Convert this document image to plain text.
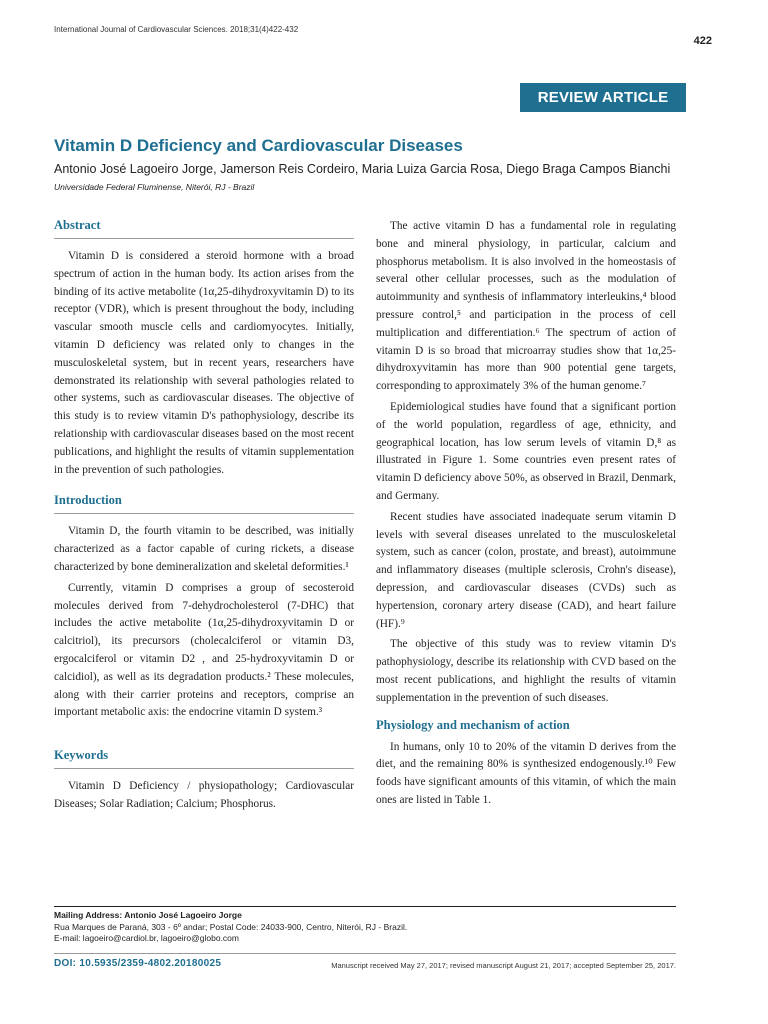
International Journal of Cardiovascular Sciences. 2018;31(4)422-432
422
REVIEW ARTICLE
Vitamin D Deficiency and Cardiovascular Diseases
Antonio José Lagoeiro Jorge, Jamerson Reis Cordeiro, Maria Luiza Garcia Rosa, Diego Braga Campos Bianchi
Universidade Federal Fluminense, Niterói, RJ - Brazil
Abstract

Vitamin D is considered a steroid hormone with a broad spectrum of action in the human body. Its action arises from the binding of its active metabolite (1α,25-dihydroxyvitamin D) to its receptor (VDR), which is present throughout the body, including vascular smooth muscle cells and cardiomyocytes. Initially, vitamin D deficiency was related only to changes in the musculoskeletal system, but in recent years, researchers have demonstrated its relationship with several pathologies related to other systems, such as cardiovascular diseases. The objective of this study is to review vitamin D's pathophysiology, describe its relationship with cardiovascular diseases based on the most recent publications, and highlight the results of vitamin supplementation in the prevention of such pathologies.

Introduction

Vitamin D, the fourth vitamin to be described, was initially characterized as a factor capable of curing rickets, a disease characterized by bone demineralization and skeletal deformities.¹

Currently, vitamin D comprises a group of secosteroid molecules derived from 7-dehydrocholesterol (7-DHC) that includes the active metabolite (1α,25-dihydroxyvitamin D or calcitriol), its precursors (cholecalciferol or vitamin D3, ergocalciferol or vitamin D2 , and 25-hydroxyvitamin D or calcidiol), as well as its degradation products.² These molecules, along with their carrier proteins and receptors, comprise an important metabolic axis: the endocrine vitamin D system.³

Keywords

Vitamin D Deficiency / physiopathology; Cardiovascular Diseases; Solar Radiation; Calcium; Phosphorus.

The active vitamin D has a fundamental role in regulating bone and mineral physiology, in particular, calcium and phosphorus metabolism. It is also involved in the homeostasis of several other cellular processes, such as the modulation of autoimmunity and synthesis of inflammatory interleukins,⁴ blood pressure control,⁵ and participation in the process of cell multiplication and differentiation.⁶ The spectrum of action of vitamin D is so broad that microarray studies show that 1α,25-dihydroxyvitamin has more than 900 potential gene targets, corresponding to approximately 3% of the human genome.⁷

Epidemiological studies have found that a significant portion of the world population, regardless of age, ethnicity, and geographical location, has low serum levels of vitamin D,⁸ as illustrated in Figure 1. Some countries even present rates of vitamin D deficiency above 50%, as observed in Brazil, Denmark, and Germany.

Recent studies have associated inadequate serum vitamin D levels with several diseases unrelated to the musculoskeletal system, such as cancer (colon, prostate, and breast), autoimmune and inflammatory diseases (multiple sclerosis, Crohn's disease), depression, and cardiovascular diseases (CVDs) such as hypertension, coronary artery disease (CAD), and heart failure (HF).⁹

The objective of this study was to review vitamin D's pathophysiology, describe its relationship with CVD based on the most recent publications, and highlight the results of vitamin supplementation in the prevention of such diseases.

Physiology and mechanism of action

In humans, only 10 to 20% of the vitamin D derives from the diet, and the remaining 80% is synthesized endogenously.¹⁰ Few foods have significant amounts of this vitamin, of which the main ones are listed in Table 1.

Mailing Address: Antonio José Lagoeiro Jorge
Rua Marques de Paraná, 303 - 6º andar; Postal Code: 24033-900, Centro, Niterói, RJ - Brazil.
E-mail: lagoeiro@cardiol.br, lagoeiro@globo.com
DOI: 10.5935/2359-4802.20180025	Manuscript received May 27, 2017; revised manuscript August 21, 2017; accepted September 25, 2017.
